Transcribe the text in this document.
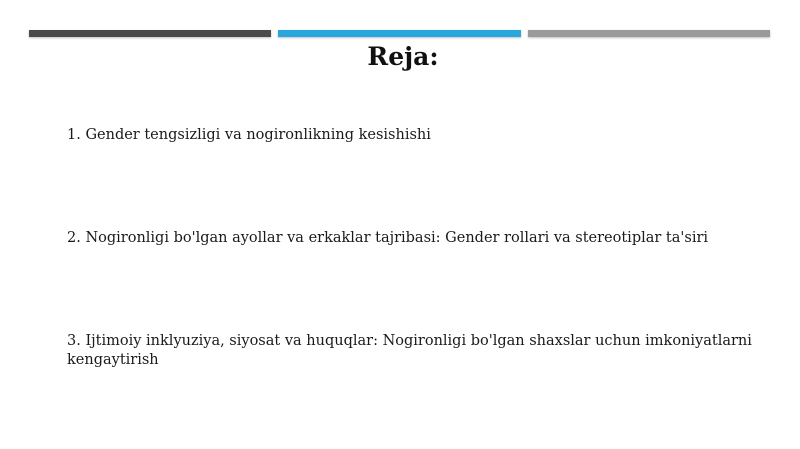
Reja:
1. Gender tengsizligi va nogironlikning kesishishi
2. Nogironligi bo'lgan ayollar va erkaklar tajribasi: Gender rollari va stereotiplar ta'siri
3. Ijtimoiy inklyuziya, siyosat va huquqlar: Nogironligi bo'lgan shaxslar uchun imkoniyatlarni kengaytirish
